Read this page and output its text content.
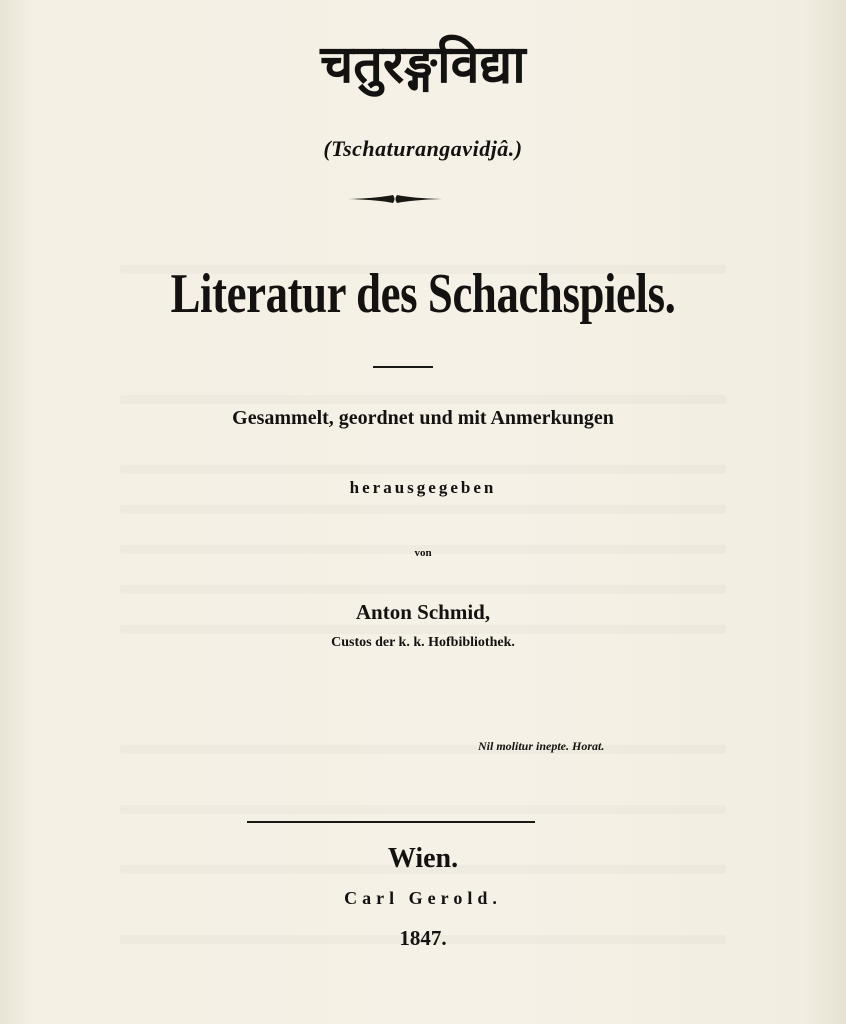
चतुरङ्गविद्या
(Tschaturangavidjâ.)
Literatur des Schachspiels.
Gesammelt, geordnet und mit Anmerkungen
herausgegeben
von
Anton Schmid,
Custos der k. k. Hofbibliothek.
Nil molitur inepte. Horat.
Wien.
Carl Gerold.
1847.
